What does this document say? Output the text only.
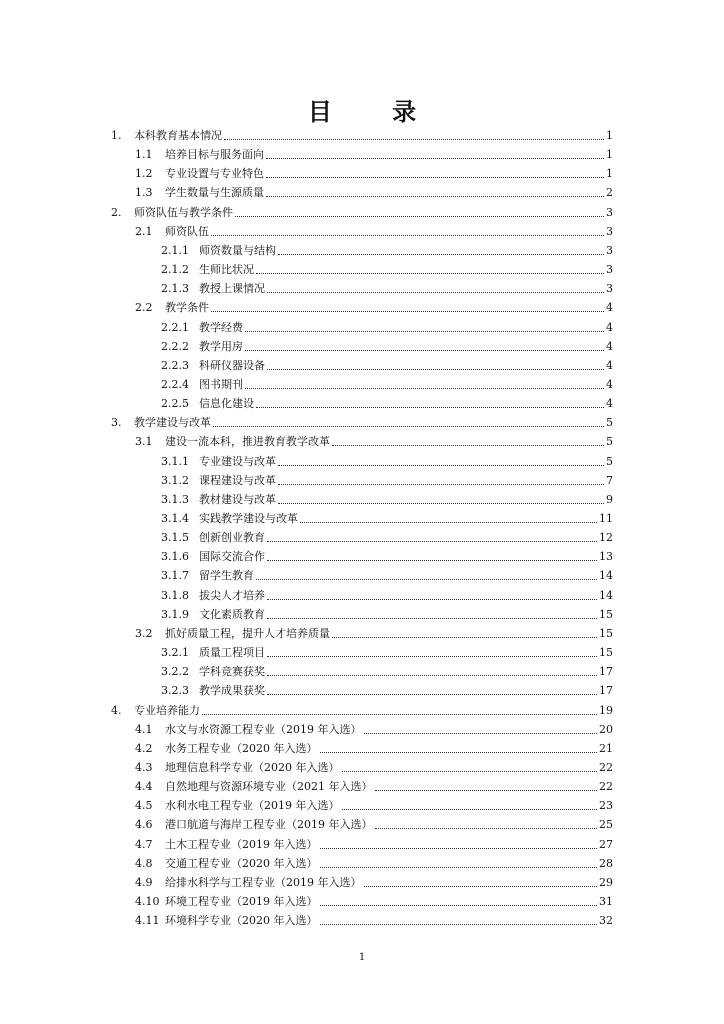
目 录
1.	本科教育基本情况	1
1.1	培养目标与服务面向	1
1.2	专业设置与专业特色	1
1.3	学生数量与生源质量	2
2.	师资队伍与教学条件	3
2.1	师资队伍	3
2.1.1 师资数量与结构	3
2.1.2 生师比状况	3
2.1.3 教授上课情况	3
2.2	教学条件	4
2.2.1 教学经费	4
2.2.2 教学用房	4
2.2.3 科研仪器设备	4
2.2.4 图书期刊	4
2.2.5 信息化建设	4
3.	教学建设与改革	5
3.1	建设一流本科，推进教育教学改革	5
3.1.1 专业建设与改革	5
3.1.2 课程建设与改革	7
3.1.3 教材建设与改革	9
3.1.4 实践教学建设与改革	11
3.1.5 创新创业教育	12
3.1.6 国际交流合作	13
3.1.7 留学生教育	14
3.1.8 拔尖人才培养	14
3.1.9 文化素质教育	15
3.2	抓好质量工程，提升人才培养质量	15
3.2.1 质量工程项目	15
3.2.2 学科竞赛获奖	17
3.2.3 教学成果获奖	17
4.	专业培养能力	19
4.1	水文与水资源工程专业（2019 年入选）	20
4.2	水务工程专业（2020 年入选）	21
4.3	地理信息科学专业（2020 年入选）	22
4.4	自然地理与资源环境专业（2021 年入选）	22
4.5	水利水电工程专业（2019 年入选）	23
4.6	港口航道与海岸工程专业（2019 年入选）	25
4.7	土木工程专业（2019 年入选）	27
4.8	交通工程专业（2020 年入选）	28
4.9	给排水科学与工程专业（2019 年入选）	29
4.10 环境工程专业（2019 年入选）	31
4.11 环境科学专业（2020 年入选）	32
1
